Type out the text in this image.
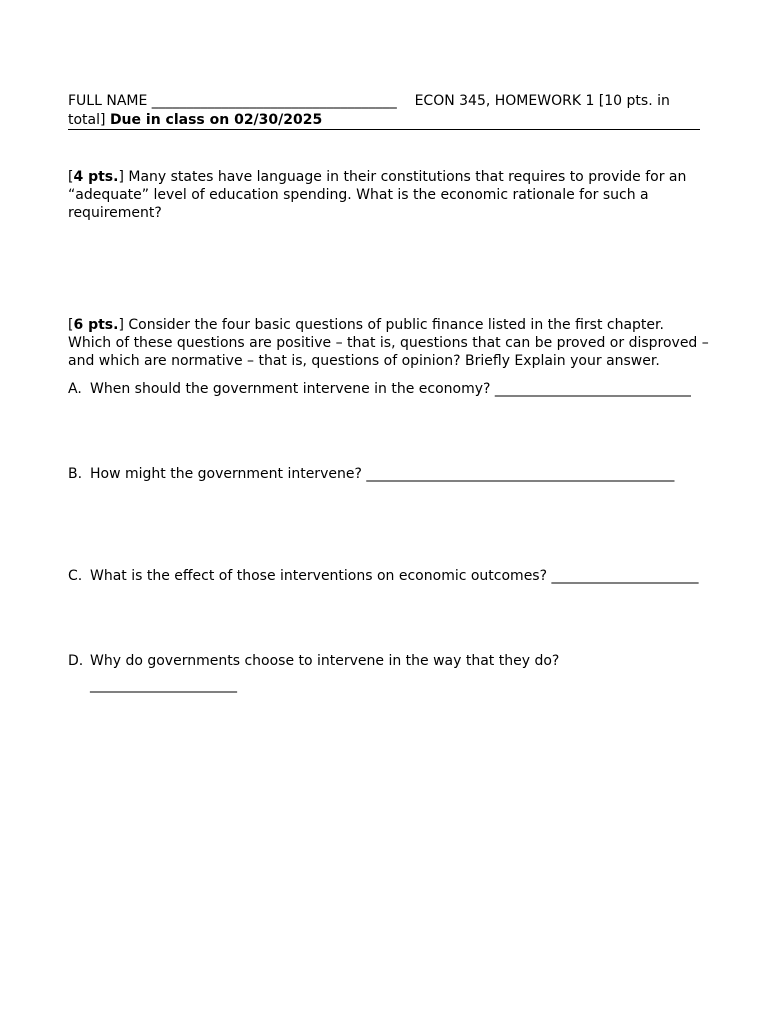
FULL NAME ___________________________________    ECON 345, HOMEWORK 1 [10 pts. in
total] Due in class on 02/30/2025
[4 pts.] Many states have language in their constitutions that requires to provide for an
“adequate” level of education spending. What is the economic rationale for such a
requirement?
[6 pts.] Consider the four basic questions of public finance listed in the first chapter.
Which of these questions are positive – that is, questions that can be proved or disproved –
and which are normative – that is, questions of opinion? Briefly Explain your answer.
A. When should the government intervene in the economy? ____________________________
B. How might the government intervene? ____________________________________________
C. What is the effect of those interventions on economic outcomes? _____________________
D. Why do governments choose to intervene in the way that they do?
_____________________
